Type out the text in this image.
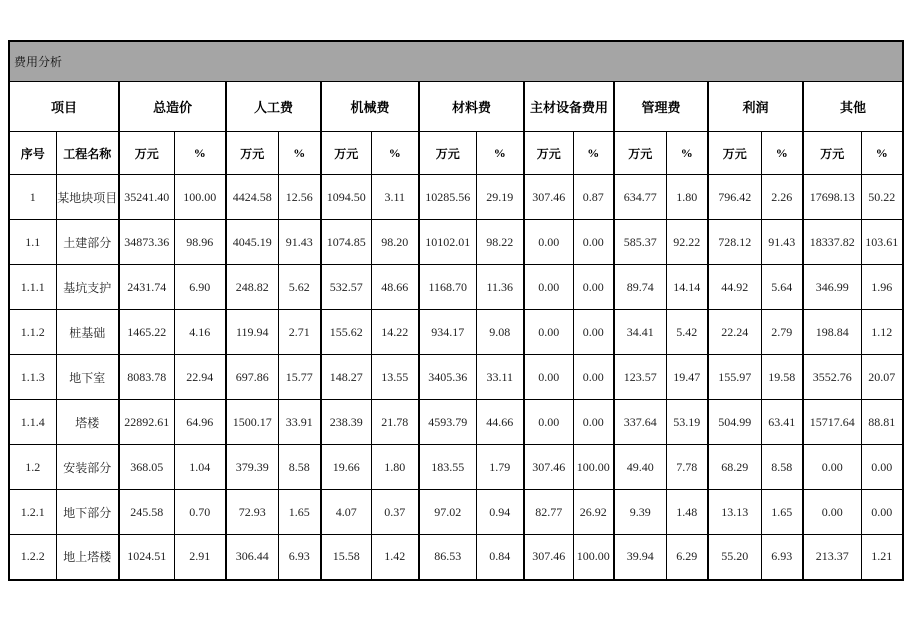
费用分析																	
项目		总造价		人工费		机械费		材料费		主材设备费用		管理费		利润		其他	
序号	工程名称	万元	%	万元	%	万元	%	万元	%	万元	%	万元	%	万元	%	万元	%
1	某地块项目	35241.40	100.00	4424.58	12.56	1094.50	3.11	10285.56	29.19	307.46	0.87	634.77	1.80	796.42	2.26	17698.13	50.22
1.1	土建部分	34873.36	98.96	4045.19	91.43	1074.85	98.20	10102.01	98.22	0.00	0.00	585.37	92.22	728.12	91.43	18337.82	103.61
1.1.1	基坑支护	2431.74	6.90	248.82	5.62	532.57	48.66	1168.70	11.36	0.00	0.00	89.74	14.14	44.92	5.64	346.99	1.96
1.1.2	桩基础	1465.22	4.16	119.94	2.71	155.62	14.22	934.17	9.08	0.00	0.00	34.41	5.42	22.24	2.79	198.84	1.12
1.1.3	地下室	8083.78	22.94	697.86	15.77	148.27	13.55	3405.36	33.11	0.00	0.00	123.57	19.47	155.97	19.58	3552.76	20.07
1.1.4	塔楼	22892.61	64.96	1500.17	33.91	238.39	21.78	4593.79	44.66	0.00	0.00	337.64	53.19	504.99	63.41	15717.64	88.81
1.2	安装部分	368.05	1.04	379.39	8.58	19.66	1.80	183.55	1.79	307.46	100.00	49.40	7.78	68.29	8.58	0.00	0.00
1.2.1	地下部分	245.58	0.70	72.93	1.65	4.07	0.37	97.02	0.94	82.77	26.92	9.39	1.48	13.13	1.65	0.00	0.00
1.2.2	地上塔楼	1024.51	2.91	306.44	6.93	15.58	1.42	86.53	0.84	307.46	100.00	39.94	6.29	55.20	6.93	213.37	1.21
